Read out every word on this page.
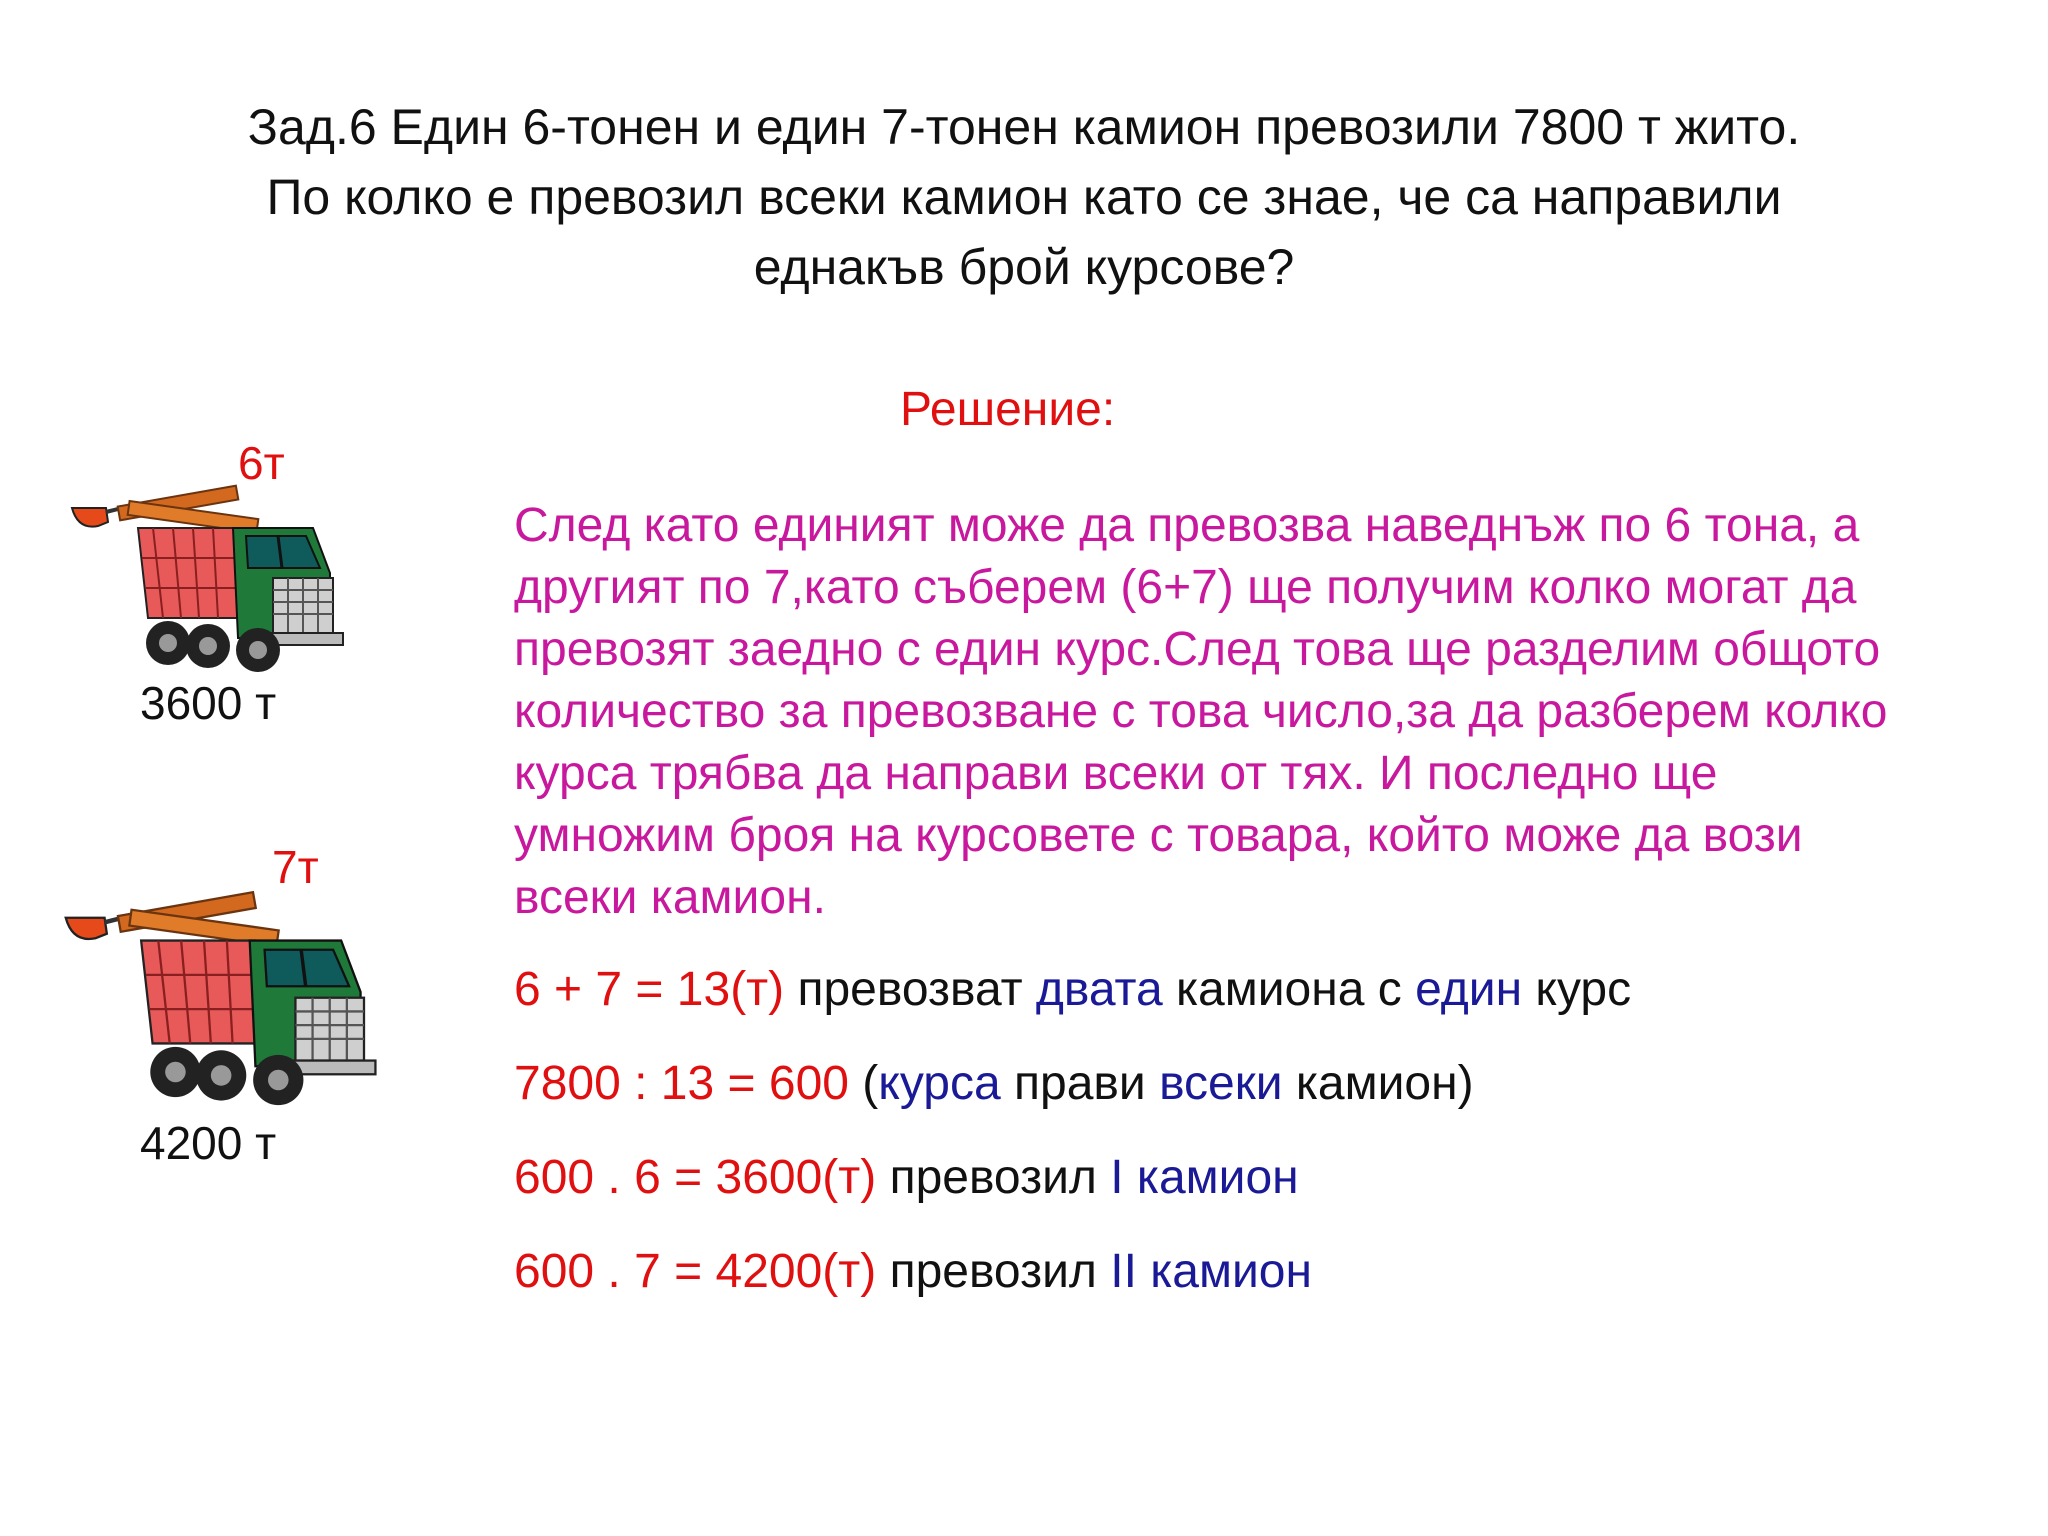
Зад.6 Един 6-тонен и един 7-тонен камион превозили 7800 т жито.
По колко е превозил всеки камион като се знае, че са направили
еднакъв брой курсове?
Решение:
6т
3600 т
7т
4200 т
След като единият може да превозва наведнъж по 6 тона, а
другият по 7,като съберем (6+7) ще получим колко могат да
превозят заедно с един курс.След това ще разделим общото
количество за превозване с това число,за да разберем колко
курса трябва да направи всеки от тях. И последно ще
умножим броя на курсовете с товара, който може да вози
всеки камион.
6 + 7 = 13(т) превозват двата камиона с един курс
7800 : 13 = 600 (курса прави всеки камион)
600 . 6 = 3600(т) превозил I камион
600 . 7 = 4200(т) превозил II камион
